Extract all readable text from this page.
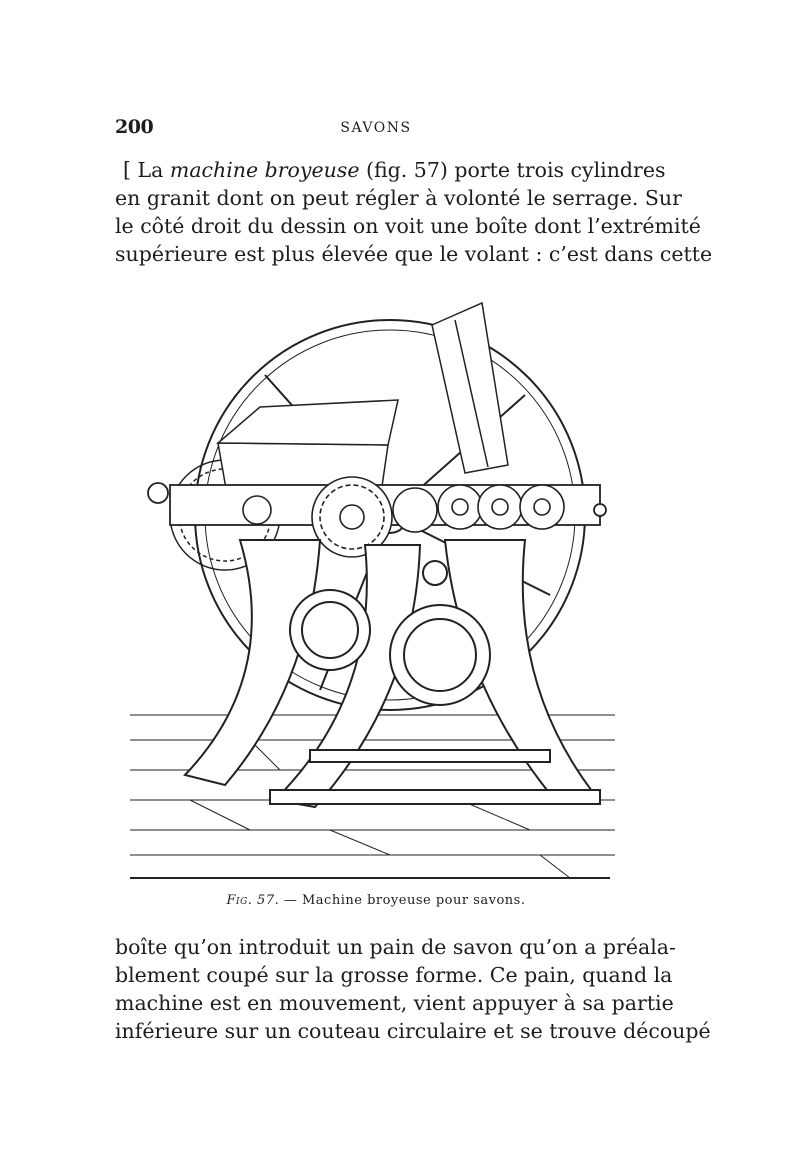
200	SAVONS
[ La machine broyeuse (fig. 57) porte trois cylindres
en granit dont on peut régler à volonté le serrage. Sur
le côté droit du dessin on voit une boîte dont l’extrémité
supérieure est plus élevée que le volant : c’est dans cette
Fig. 57. — Machine broyeuse pour savons.
boîte qu’on introduit un pain de savon qu’on a préala-
blement coupé sur la grosse forme. Ce pain, quand la
machine est en mouvement, vient appuyer à sa partie
inférieure sur un couteau circulaire et se trouve découpé
